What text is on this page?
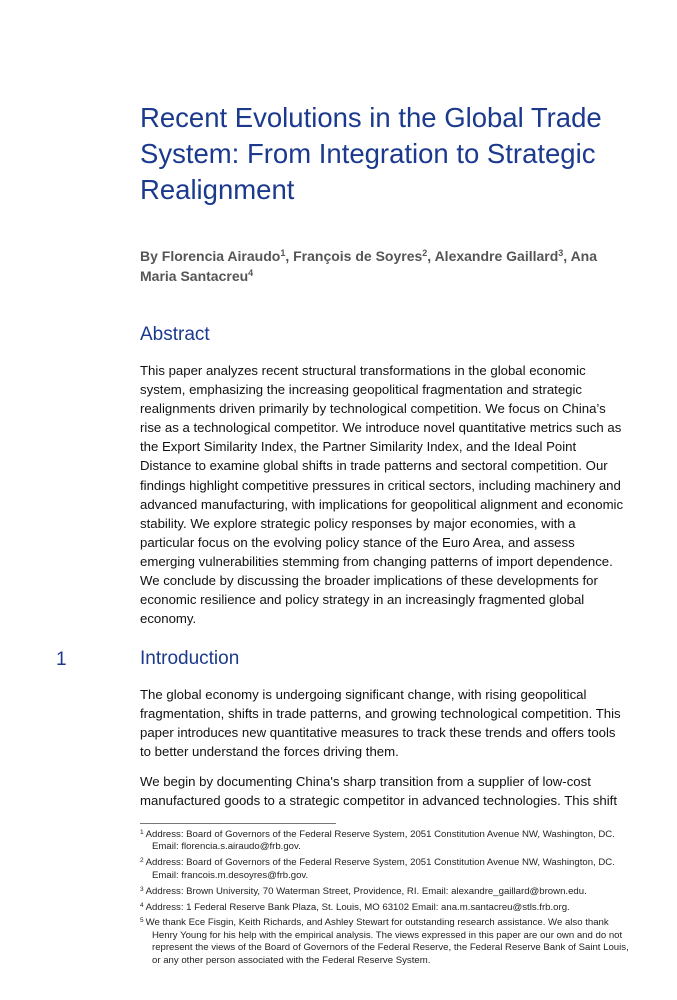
Recent Evolutions in the Global Trade System: From Integration to Strategic Realignment
By Florencia Airaudo$^1$, François de Soyres$^2$, Alexandre Gaillard$^3$, Ana Maria Santacreu$^4$
Abstract

This paper analyzes recent structural transformations in the global economic system, emphasizing the increasing geopolitical fragmentation and strategic realignments driven primarily by technological competition. We focus on China’s rise as a technological competitor. We introduce novel quantitative metrics such as the Export Similarity Index, the Partner Similarity Index, and the Ideal Point Distance to examine global shifts in trade patterns and sectoral competition. Our findings highlight competitive pressures in critical sectors, including machinery and advanced manufacturing, with implications for geopolitical alignment and economic stability. We explore strategic policy responses by major economies, with a particular focus on the evolving policy stance of the Euro Area, and assess emerging vulnerabilities stemming from changing patterns of import dependence. We conclude by discussing the broader implications of these developments for economic resilience and policy strategy in an increasingly fragmented global economy.

1	Introduction

The global economy is undergoing significant change, with rising geopolitical fragmentation, shifts in trade patterns, and growing technological competition. This paper introduces new quantitative measures to track these trends and offers tools to better understand the forces driving them.

We begin by documenting China's sharp transition from a supplier of low-cost manufactured goods to a strategic competitor in advanced technologies. This shift

$^1$ Address: Board of Governors of the Federal Reserve System, 2051 Constitution Avenue NW, Washington, DC. Email: florencia.s.airaudo@frb.gov.
$^2$ Address: Board of Governors of the Federal Reserve System, 2051 Constitution Avenue NW, Washington, DC. Email: francois.m.desoyres@frb.gov.
$^3$ Address: Brown University, 70 Waterman Street, Providence, RI. Email: alexandre_gaillard@brown.edu.
$^4$ Address: 1 Federal Reserve Bank Plaza, St. Louis, MO 63102 Email: ana.m.santacreu@stls.frb.org.
$^5$ We thank Ece Fisgin, Keith Richards, and Ashley Stewart for outstanding research assistance. We also thank Henry Young for his help with the empirical analysis. The views expressed in this paper are our own and do not represent the views of the Board of Governors of the Federal Reserve, the Federal Reserve Bank of Saint Louis, or any other person associated with the Federal Reserve System.
